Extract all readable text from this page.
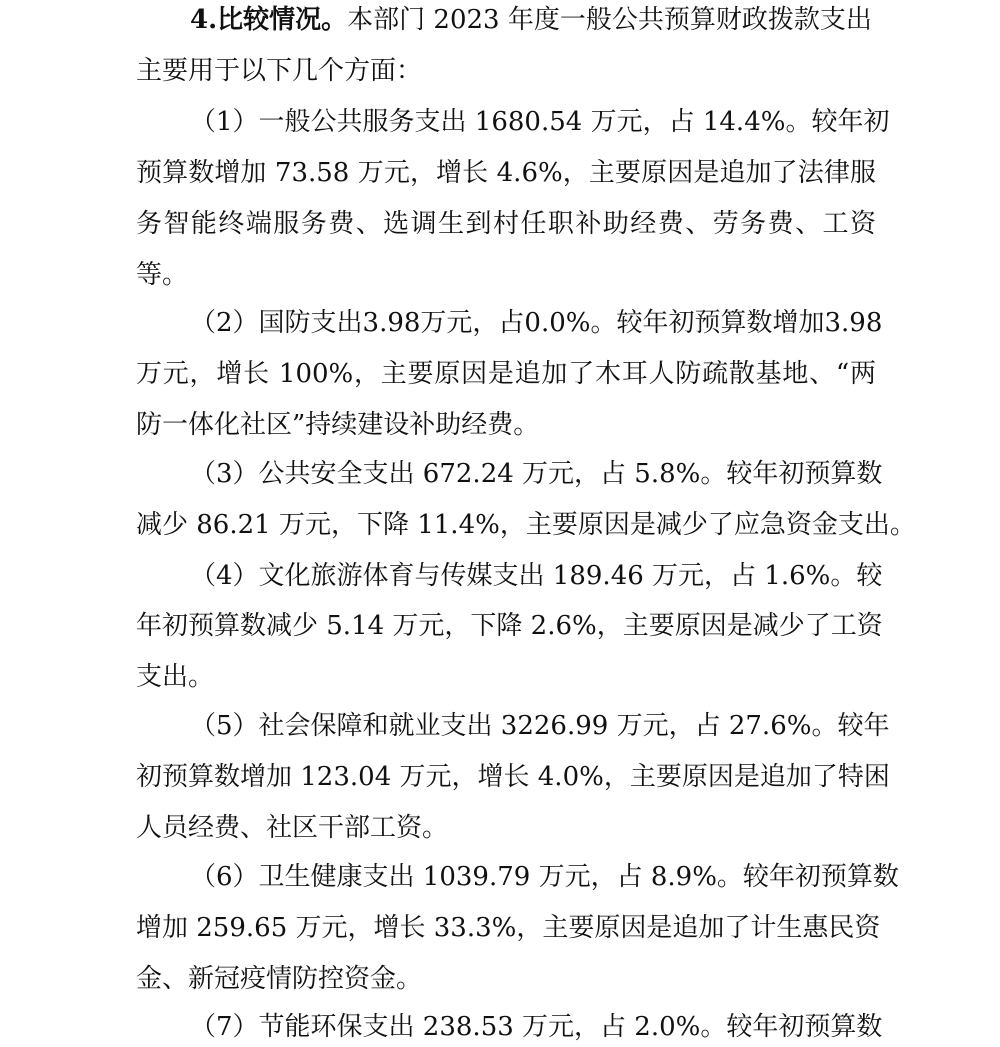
4.比较情况。本部门 2023 年度一般公共预算财政拨款支出
主要用于以下几个方面：
（1）一般公共服务支出 1680.54 万元，占 14.4%。较年初
预算数增加 73.58 万元，增长 4.6%，主要原因是追加了法律服
务智能终端服务费、选调生到村任职补助经费、劳务费、工资
等。
（2）国防支出3.98万元，占0.0%。较年初预算数增加3.98
万元，增长 100%，主要原因是追加了木耳人防疏散基地、“两
防一体化社区”持续建设补助经费。
（3）公共安全支出 672.24 万元，占 5.8%。较年初预算数
减少 86.21 万元，下降 11.4%，主要原因是减少了应急资金支出。
（4）文化旅游体育与传媒支出 189.46 万元，占 1.6%。较
年初预算数减少 5.14 万元，下降 2.6%，主要原因是减少了工资
支出。
（5）社会保障和就业支出 3226.99 万元，占 27.6%。较年
初预算数增加 123.04 万元，增长 4.0%，主要原因是追加了特困
人员经费、社区干部工资。
（6）卫生健康支出 1039.79 万元，占 8.9%。较年初预算数
增加 259.65 万元，增长 33.3%，主要原因是追加了计生惠民资
金、新冠疫情防控资金。
（7）节能环保支出 238.53 万元，占 2.0%。较年初预算数
